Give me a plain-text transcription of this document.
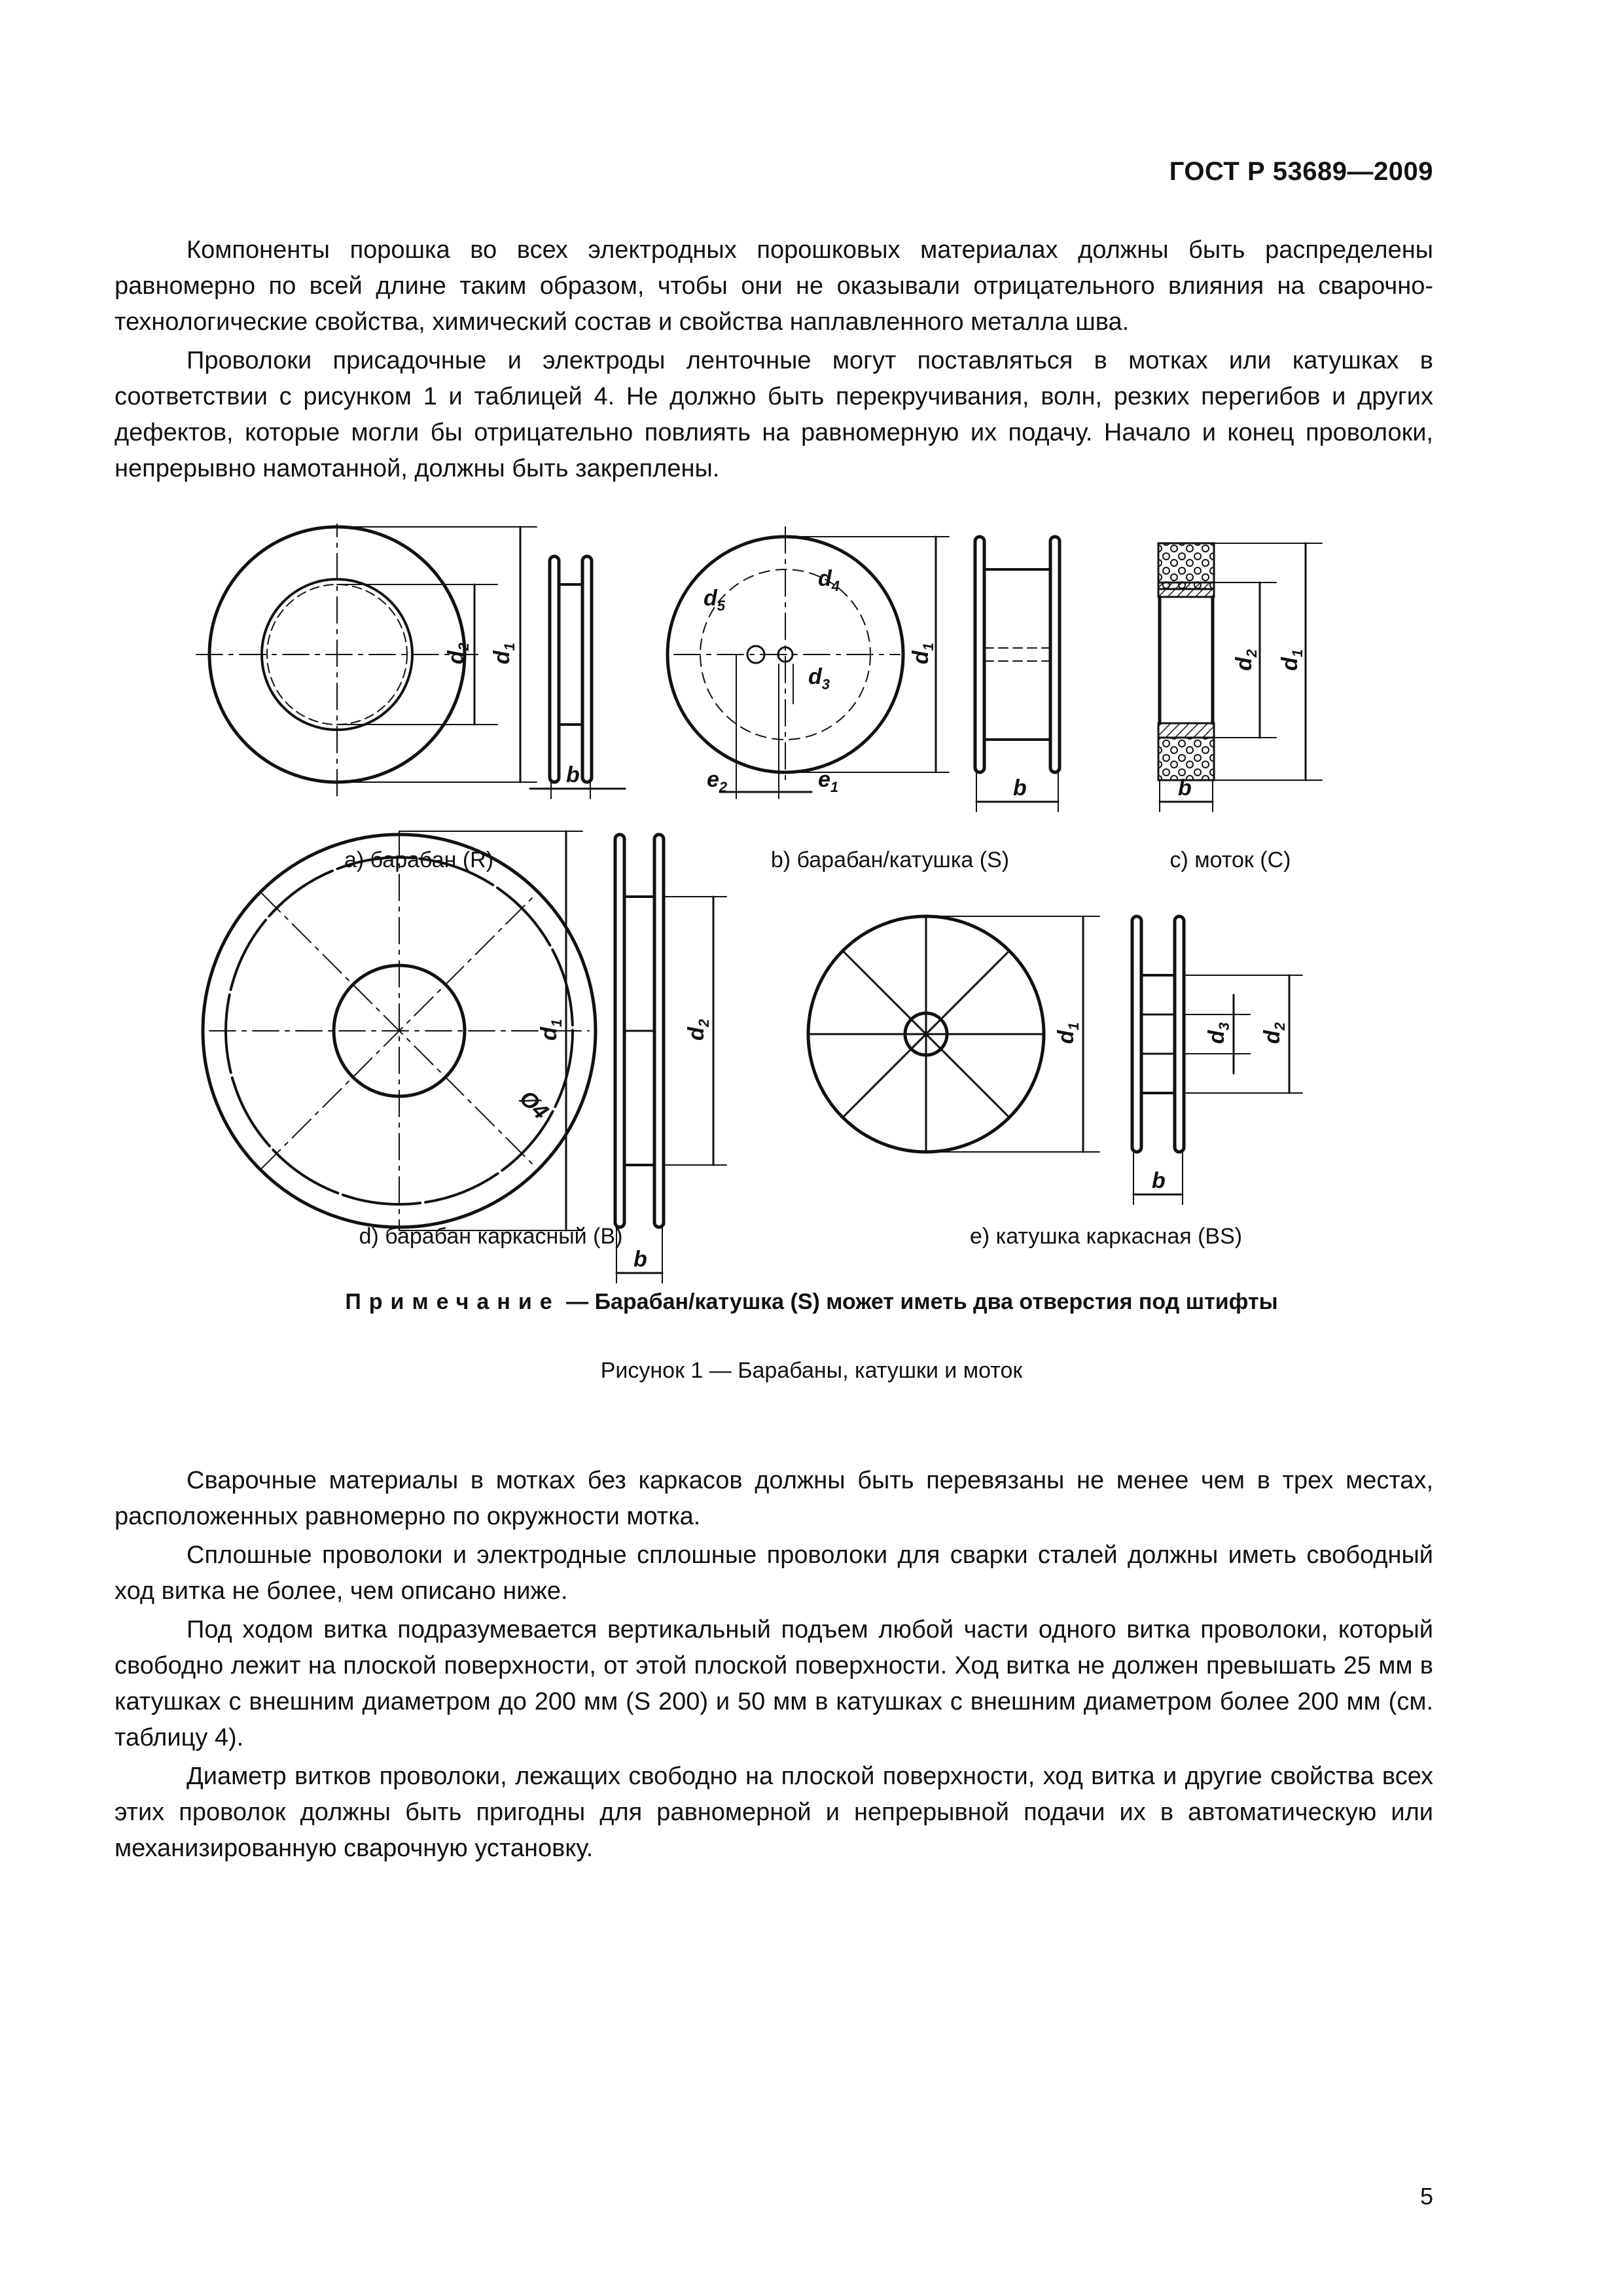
ГОСТ Р 53689—2009

Компоненты порошка во всех электродных порошковых материалах должны быть распределены равномерно по всей длине таким образом, чтобы они не оказывали отрицательного влияния на сварочно-технологические свойства, химический состав и свойства наплавленного металла шва.

Проволоки присадочные и электроды ленточные могут поставляться в мотках или катушках в соответствии с рисунком 1 и таблицей 4. Не должно быть перекручивания, волн, резких перегибов и других дефектов, которые могли бы отрицательно повлиять на равномерную их подачу. Начало и конец проволоки, непрерывно намотанной, должны быть закреплены.

$d_2$
$d_1$
b
$d_5$
$d_4$
$d_3$
$d_1$
$e_2$	$e_1$	b
$d_2$
$d_1$
b
$d_1$
Ø4
$d_2$
b
$d_1$
$d_3$
$d_2$
b
a) барабан (R)	b) барабан/катушка (S)	c) моток (C)
d) барабан каркасный (B)	e) катушка каркасная (BS)
Примечание — Барабан/катушка (S) может иметь два отверстия под штифты
Рисунок 1 — Барабаны, катушки и моток

Сварочные материалы в мотках без каркасов должны быть перевязаны не менее чем в трех местах, расположенных равномерно по окружности мотка.

Сплошные проволоки и электродные сплошные проволоки для сварки сталей должны иметь свободный ход витка не более, чем описано ниже.

Под ходом витка подразумевается вертикальный подъем любой части одного витка проволоки, который свободно лежит на плоской поверхности, от этой плоской поверхности. Ход витка не должен превышать 25 мм в катушках с внешним диаметром до 200 мм (S 200) и 50 мм в катушках с внешним диаметром более 200 мм (см. таблицу 4).

Диаметр витков проволоки, лежащих свободно на плоской поверхности, ход витка и другие свойства всех этих проволок должны быть пригодны для равномерной и непрерывной подачи их в автоматическую или механизированную сварочную установку.

5
